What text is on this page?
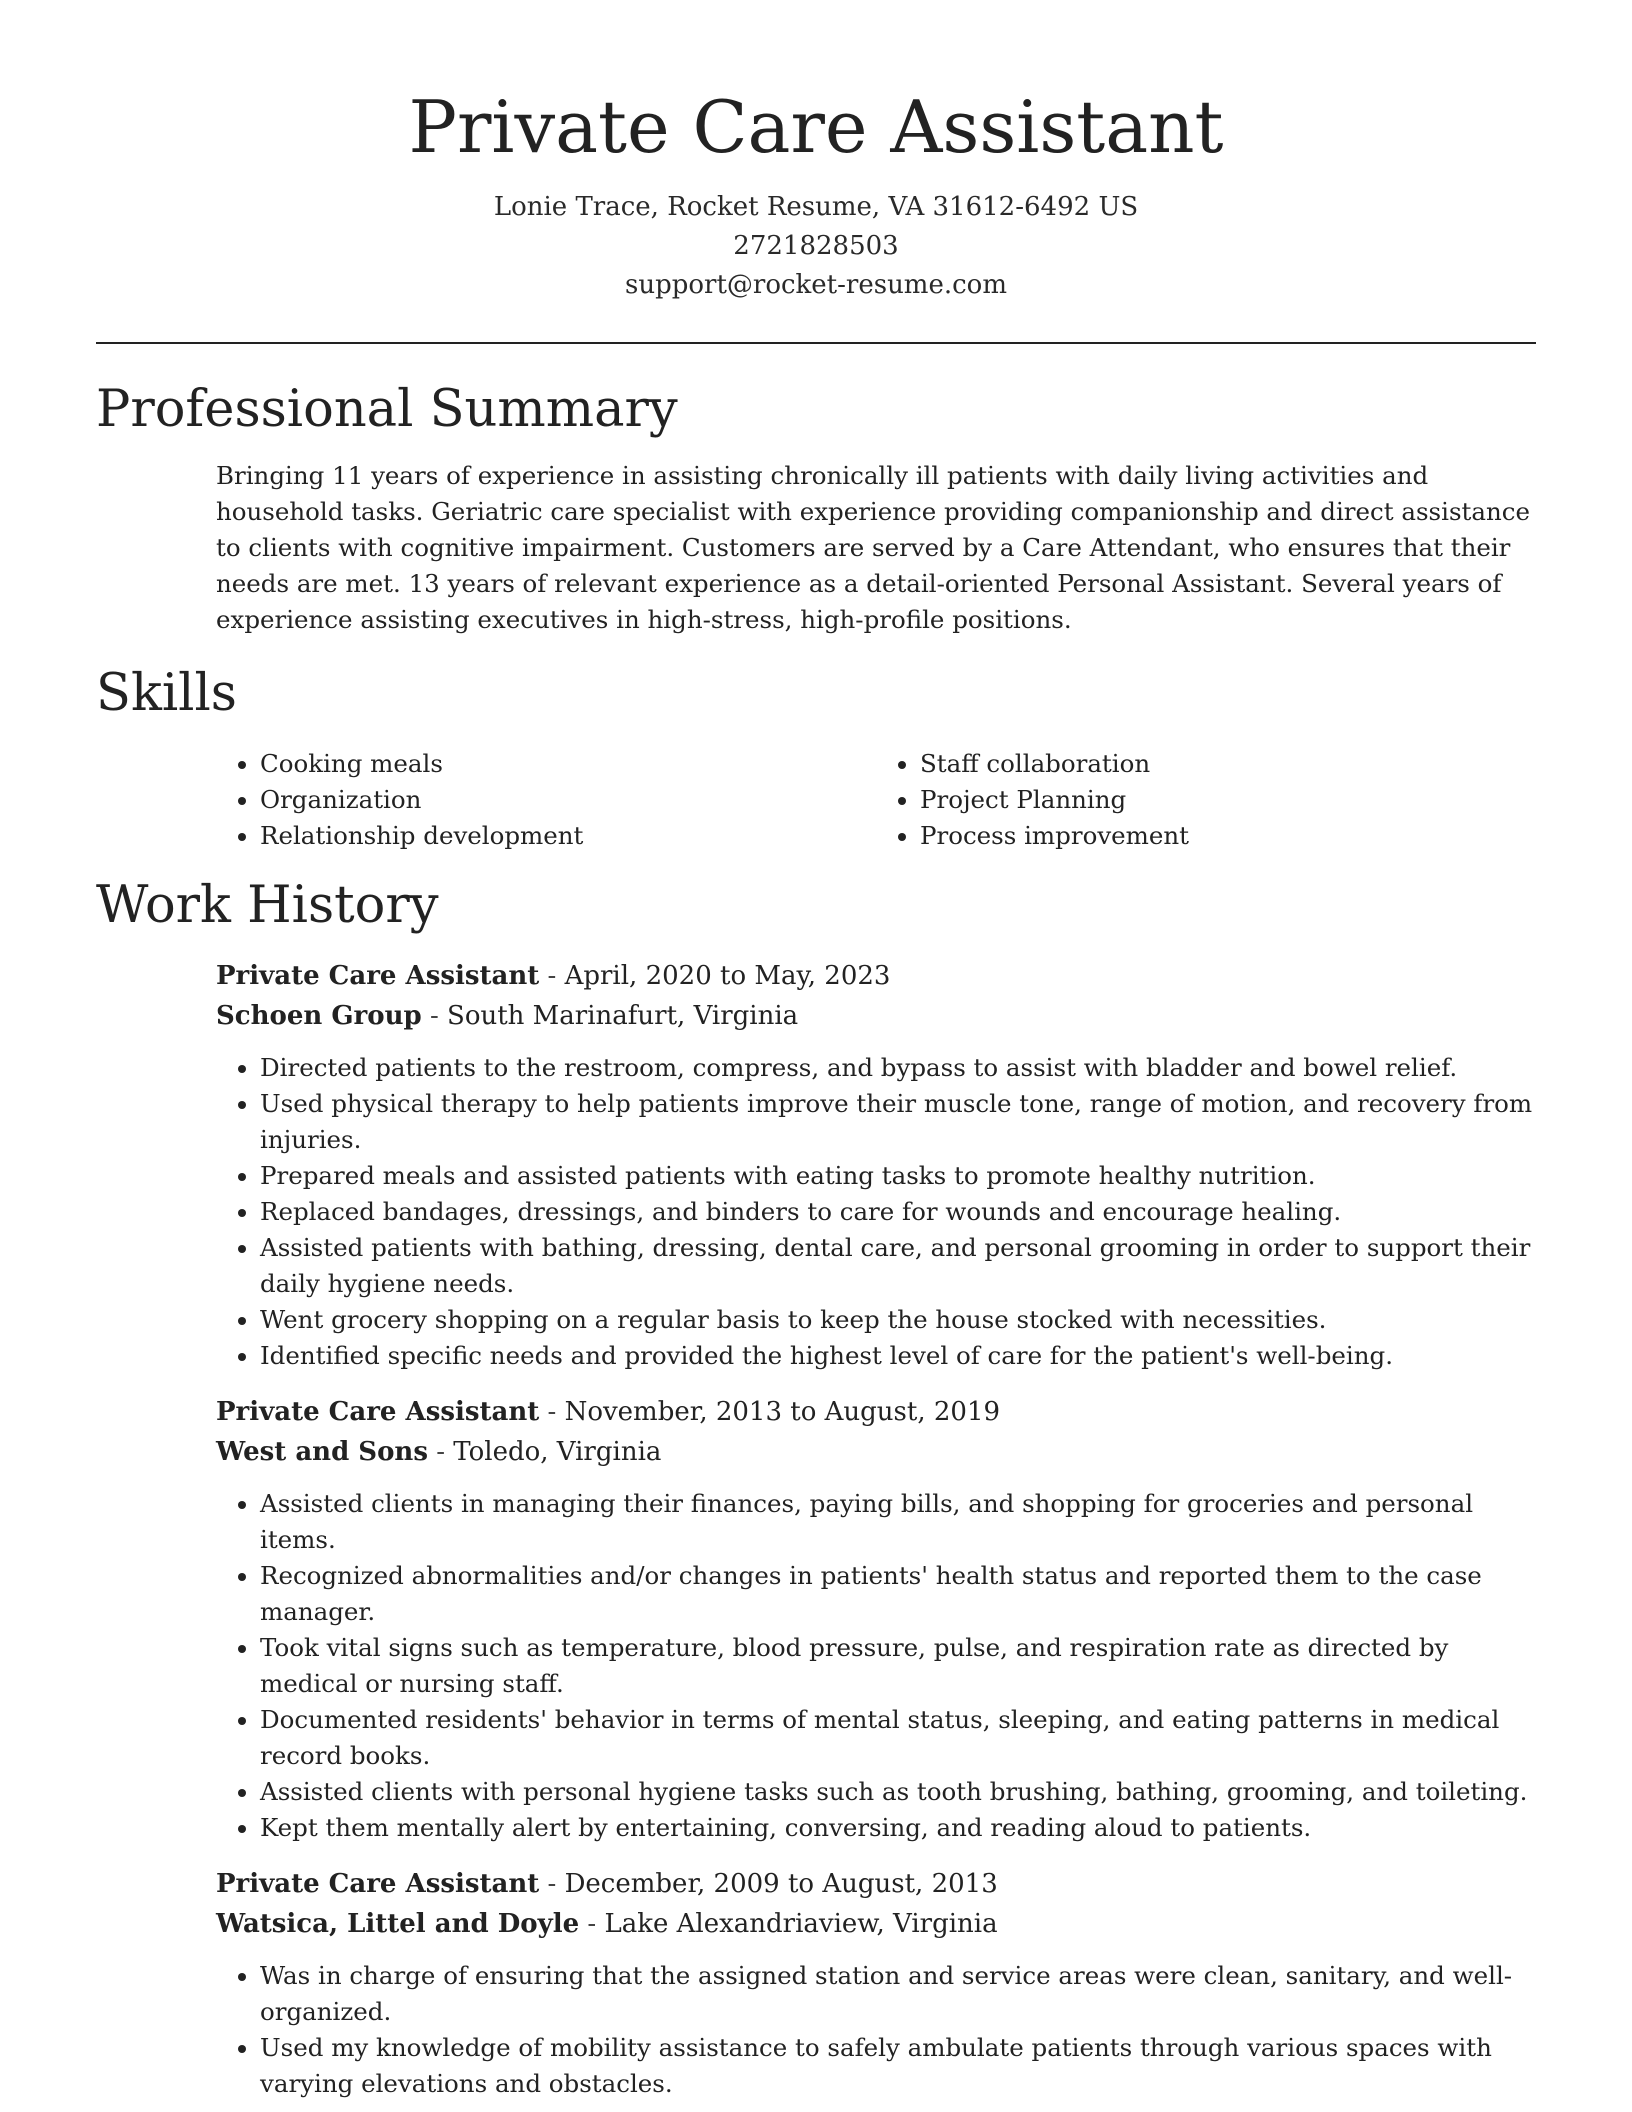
Private Care Assistant
Lonie Trace, Rocket Resume, VA 31612-6492 US
2721828503
support@rocket-resume.com
Professional Summary

Bringing 11 years of experience in assisting chronically ill patients with daily living activities and household tasks. Geriatric care specialist with experience providing companionship and direct assistance to clients with cognitive impairment. Customers are served by a Care Attendant, who ensures that their needs are met. 13 years of relevant experience as a detail-oriented Personal Assistant. Several years of experience assisting executives in high-stress, high-profile positions.

Skills
• Cooking meals
• Organization
• Relationship development
• Staff collaboration
• Project Planning
• Process improvement
Work History
Private Care Assistant - April, 2020 to May, 2023
Schoen Group - South Marinafurt, Virginia
• Directed patients to the restroom, compress, and bypass to assist with bladder and bowel relief.
• Used physical therapy to help patients improve their muscle tone, range of motion, and recovery from injuries.
• Prepared meals and assisted patients with eating tasks to promote healthy nutrition.
• Replaced bandages, dressings, and binders to care for wounds and encourage healing.
• Assisted patients with bathing, dressing, dental care, and personal grooming in order to support their daily hygiene needs.
• Went grocery shopping on a regular basis to keep the house stocked with necessities.
• Identified specific needs and provided the highest level of care for the patient's well-being.
Private Care Assistant - November, 2013 to August, 2019
West and Sons - Toledo, Virginia
• Assisted clients in managing their finances, paying bills, and shopping for groceries and personal items.
• Recognized abnormalities and/or changes in patients' health status and reported them to the case manager.
• Took vital signs such as temperature, blood pressure, pulse, and respiration rate as directed by medical or nursing staff.
• Documented residents' behavior in terms of mental status, sleeping, and eating patterns in medical record books.
• Assisted clients with personal hygiene tasks such as tooth brushing, bathing, grooming, and toileting.
• Kept them mentally alert by entertaining, conversing, and reading aloud to patients.
Private Care Assistant - December, 2009 to August, 2013
Watsica, Littel and Doyle - Lake Alexandriaview, Virginia
• Was in charge of ensuring that the assigned station and service areas were clean, sanitary, and well-organized.
• Used my knowledge of mobility assistance to safely ambulate patients through various spaces with varying elevations and obstacles.
